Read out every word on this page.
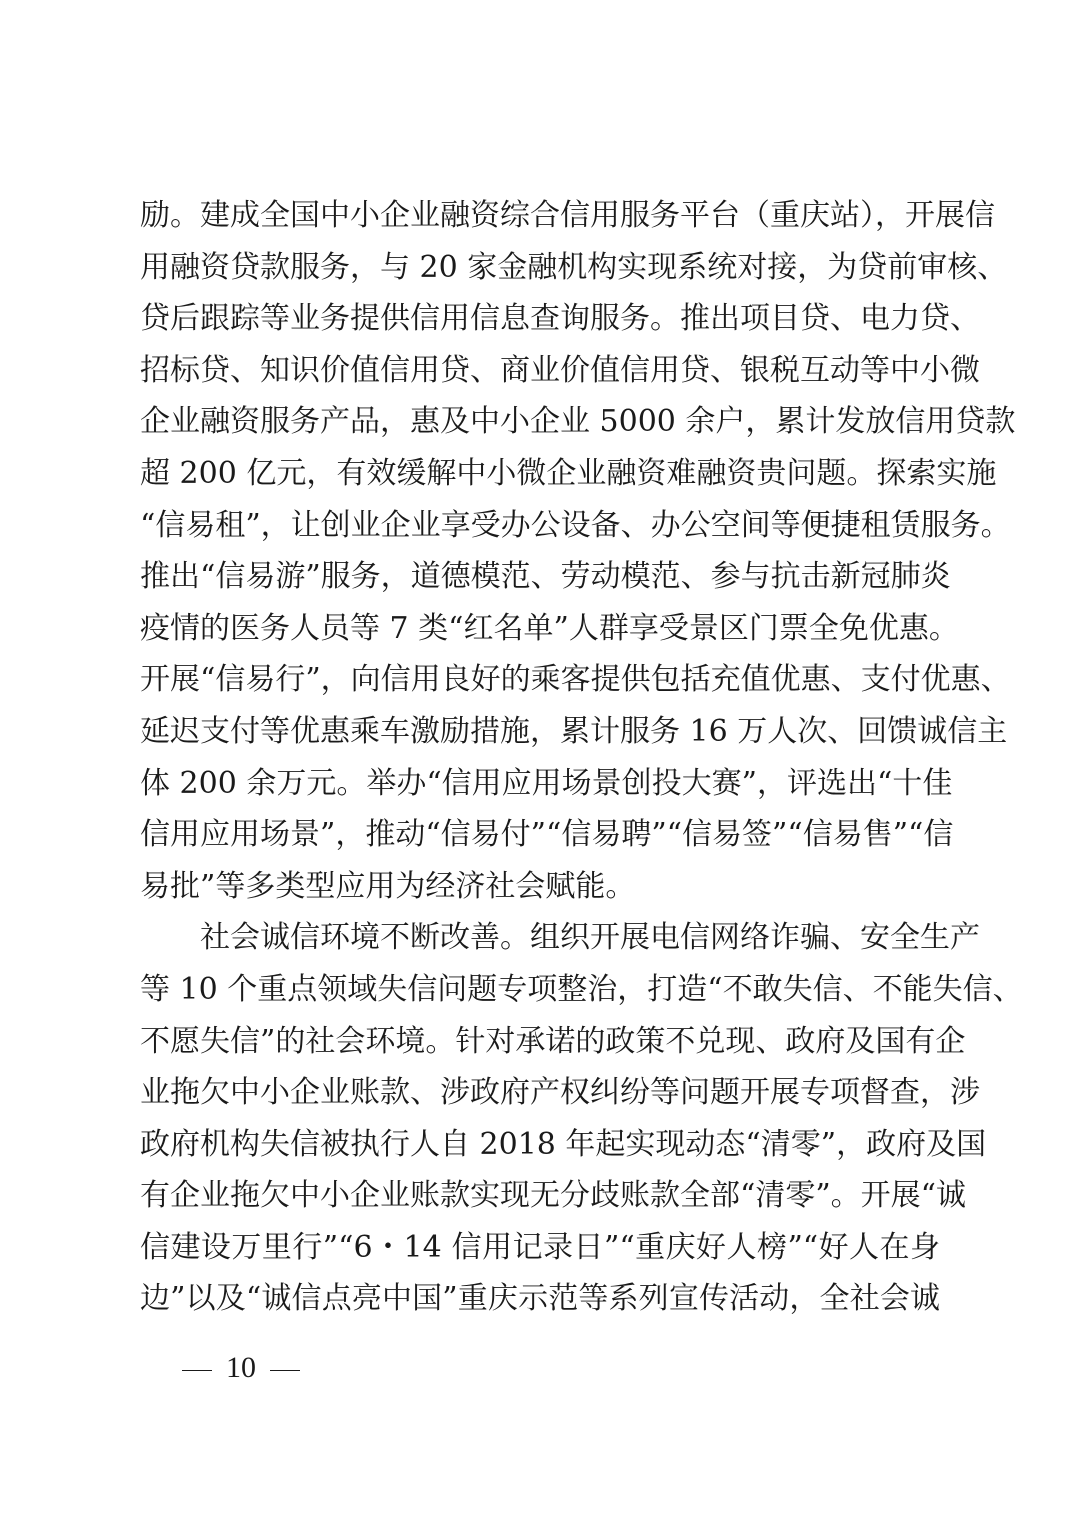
励。建成全国中小企业融资综合信用服务平台（重庆站），开展信
用融资贷款服务，与 20 家金融机构实现系统对接，为贷前审核、
贷后跟踪等业务提供信用信息查询服务。推出项目贷、电力贷、
招标贷、知识价值信用贷、商业价值信用贷、银税互动等中小微
企业融资服务产品，惠及中小企业 5000 余户，累计发放信用贷款
超 200 亿元，有效缓解中小微企业融资难融资贵问题。探索实施
“信易租”，让创业企业享受办公设备、办公空间等便捷租赁服务。
推出“信易游”服务，道德模范、劳动模范、参与抗击新冠肺炎
疫情的医务人员等 7 类“红名单”人群享受景区门票全免优惠。
开展“信易行”，向信用良好的乘客提供包括充值优惠、支付优惠、
延迟支付等优惠乘车激励措施，累计服务 16 万人次、回馈诚信主
体 200 余万元。举办“信用应用场景创投大赛”，评选出“十佳
信用应用场景”，推动“信易付”“信易聘”“信易签”“信易售”“信
易批”等多类型应用为经济社会赋能。
社会诚信环境不断改善。组织开展电信网络诈骗、安全生产
等 10 个重点领域失信问题专项整治，打造“不敢失信、不能失信、
不愿失信”的社会环境。针对承诺的政策不兑现、政府及国有企
业拖欠中小企业账款、涉政府产权纠纷等问题开展专项督查，涉
政府机构失信被执行人自 2018 年起实现动态“清零”，政府及国
有企业拖欠中小企业账款实现无分歧账款全部“清零”。开展“诚
信建设万里行”“6・14 信用记录日”“重庆好人榜”“好人在身
边”以及“诚信点亮中国”重庆示范等系列宣传活动，全社会诚
10
